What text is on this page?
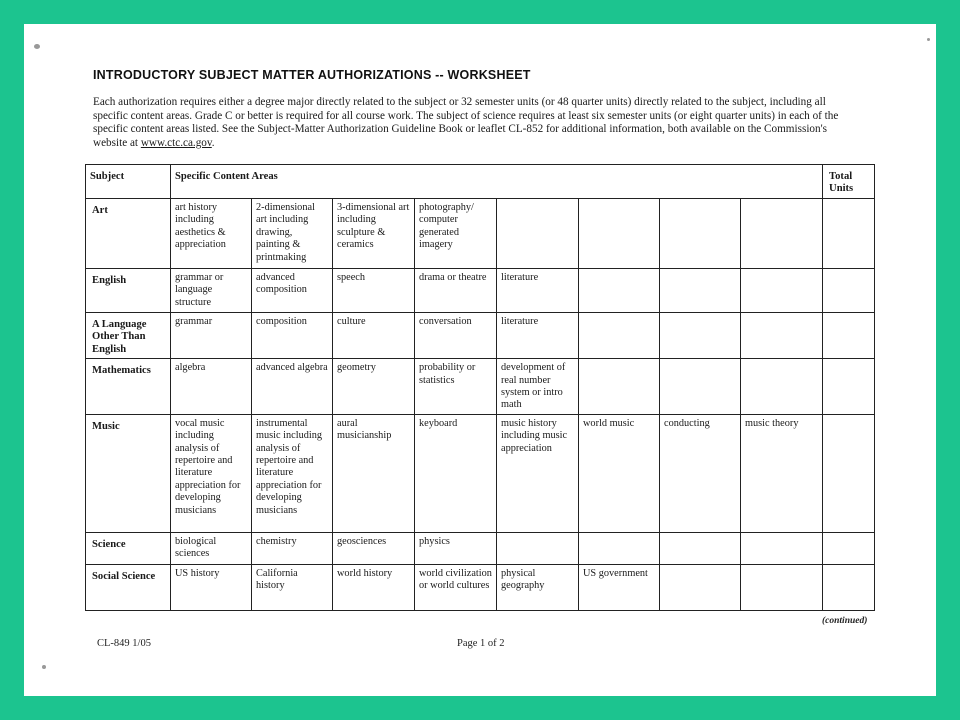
INTRODUCTORY SUBJECT MATTER AUTHORIZATIONS -- WORKSHEET
Each authorization requires either a degree major directly related to the subject or 32 semester units (or 48 quarter units) directly related to the subject, including all specific content areas. Grade C or better is required for all course work. The subject of science requires at least six semester units (or eight quarter units) in each of the specific content areas listed. See the Subject-Matter Authorization Guideline Book or leaflet CL-852 for additional information, both available on the Commission's website at www.ctc.ca.gov.
Subject	Specific Content Areas								Total Units
Art	art history including aesthetics & appreciation	2-dimensional art including drawing, painting & printmaking	3-dimensional art including sculpture & ceramics	photography/ computer generated imagery					
English	grammar or language structure	advanced composition	speech	drama or theatre	literature				
A Language Other Than English	grammar	composition	culture	conversation	literature				
Mathematics	algebra	advanced algebra	geometry	probability or statistics	development of real number system or intro math				
Music	vocal music including analysis of repertoire and literature appreciation for developing musicians	instrumental music including analysis of repertoire and literature appreciation for developing musicians	aural musicianship	keyboard	music history including music appreciation	world music	conducting	music theory	
Science	biological sciences	chemistry	geosciences	physics					
Social Science	US history	California history	world history	world civilization or world cultures	physical geography	US government			
(continued)
CL-849 1/05	Page 1 of 2
